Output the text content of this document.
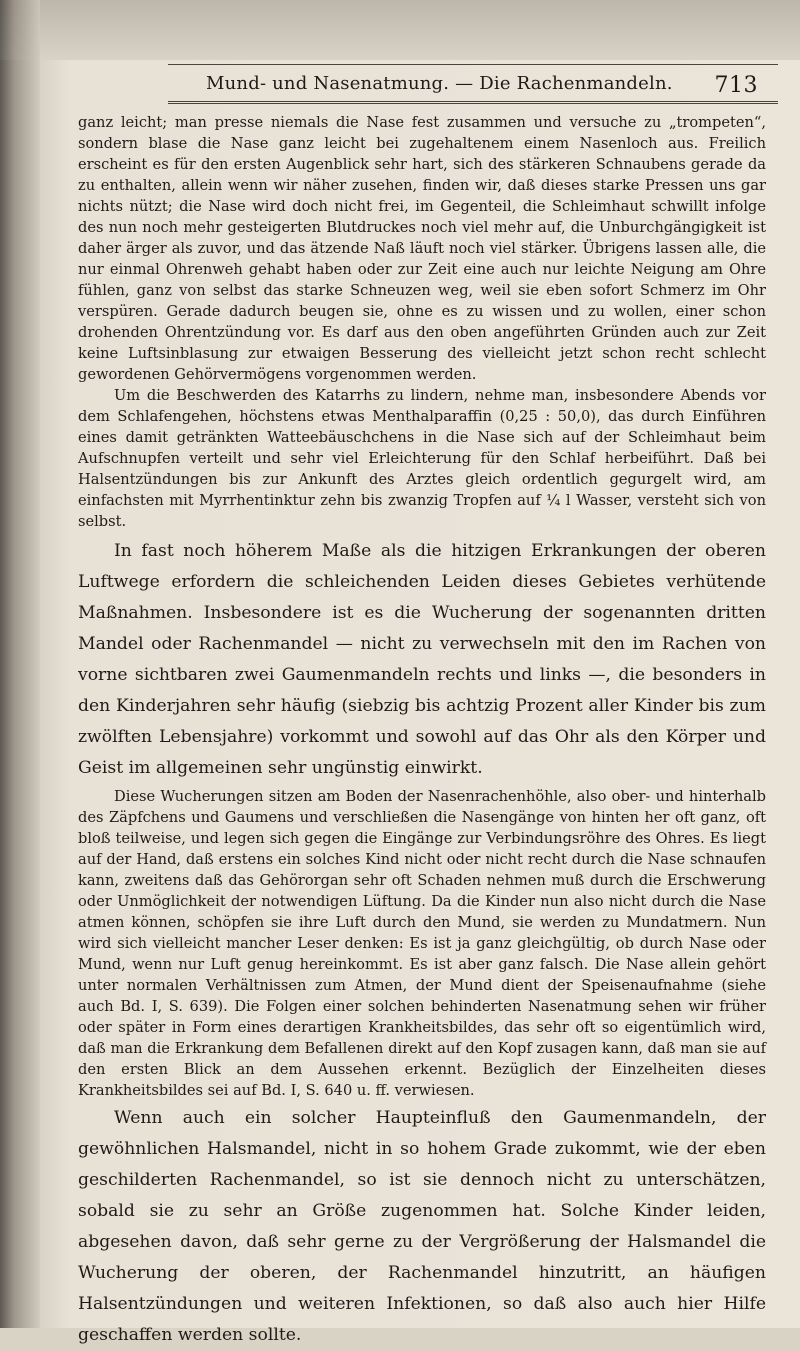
Mund- und Nasenatmung. — Die Rachenmandeln. 713

ganz leicht; man presse niemals die Nase fest zusammen und versuche zu „trompeten“, sondern blase die Nase ganz leicht bei zugehaltenem einem Nasenloch aus. Freilich erscheint es für den ersten Augenblick sehr hart, sich des stärkeren Schnaubens gerade da zu enthalten, allein wenn wir näher zusehen, finden wir, daß dieses starke Pressen uns gar nichts nützt; die Nase wird doch nicht frei, im Gegenteil, die Schleimhaut schwillt infolge des nun noch mehr gesteigerten Blutdruckes noch viel mehr auf, die Unburchgängigkeit ist daher ärger als zuvor, und das ätzende Naß läuft noch viel stärker. Übrigens lassen alle, die nur einmal Ohrenweh gehabt haben oder zur Zeit eine auch nur leichte Neigung am Ohre fühlen, ganz von selbst das starke Schneuzen weg, weil sie eben sofort Schmerz im Ohr verspüren. Gerade dadurch beugen sie, ohne es zu wissen und zu wollen, einer schon drohenden Ohrentzündung vor. Es darf aus den oben angeführten Gründen auch zur Zeit keine Luftsinblasung zur etwaigen Besserung des vielleicht jetzt schon recht schlecht gewordenen Gehörvermögens vorgenommen werden.

Um die Beschwerden des Katarrhs zu lindern, nehme man, insbesondere Abends vor dem Schlafengehen, höchstens etwas Menthalparaffin (0,25 : 50,0), das durch Einführen eines damit getränkten Watteebäuschchens in die Nase sich auf der Schleimhaut beim Aufschnupfen verteilt und sehr viel Erleichterung für den Schlaf herbeiführt. Daß bei Halsentzündungen bis zur Ankunft des Arztes gleich ordentlich gegurgelt wird, am einfachsten mit Myrrhentinktur zehn bis zwanzig Tropfen auf ¼ l Wasser, versteht sich von selbst.

In fast noch höherem Maße als die hitzigen Erkrankungen der oberen Luftwege erfordern die schleichenden Leiden dieses Gebietes verhütende Maßnahmen. Insbesondere ist es die Wucherung der sogenannten dritten Mandel oder Rachenmandel — nicht zu verwechseln mit den im Rachen von vorne sichtbaren zwei Gaumenmandeln rechts und links —, die besonders in den Kinderjahren sehr häufig (siebzig bis achtzig Prozent aller Kinder bis zum zwölften Lebensjahre) vorkommt und sowohl auf das Ohr als den Körper und Geist im allgemeinen sehr ungünstig einwirkt.

Diese Wucherungen sitzen am Boden der Nasenrachenhöhle, also ober- und hinterhalb des Zäpfchens und Gaumens und verschließen die Nasengänge von hinten her oft ganz, oft bloß teilweise, und legen sich gegen die Eingänge zur Verbindungsröhre des Ohres. Es liegt auf der Hand, daß erstens ein solches Kind nicht oder nicht recht durch die Nase schnaufen kann, zweitens daß das Gehörorgan sehr oft Schaden nehmen muß durch die Erschwerung oder Unmöglichkeit der notwendigen Lüftung. Da die Kinder nun also nicht durch die Nase atmen können, schöpfen sie ihre Luft durch den Mund, sie werden zu Mundatmern. Nun wird sich vielleicht mancher Leser denken: Es ist ja ganz gleichgültig, ob durch Nase oder Mund, wenn nur Luft genug hereinkommt. Es ist aber ganz falsch. Die Nase allein gehört unter normalen Verhältnissen zum Atmen, der Mund dient der Speisenaufnahme (siehe auch Bd. I, S. 639). Die Folgen einer solchen behinderten Nasenatmung sehen wir früher oder später in Form eines derartigen Krankheitsbildes, das sehr oft so eigentümlich wird, daß man die Erkrankung dem Befallenen direkt auf den Kopf zusagen kann, daß man sie auf den ersten Blick an dem Aussehen erkennt. Bezüglich der Einzelheiten dieses Krankheitsbildes sei auf Bd. I, S. 640 u. ff. verwiesen.

Wenn auch ein solcher Haupteinfluß den Gaumenmandeln, der gewöhnlichen Halsmandel, nicht in so hohem Grade zukommt, wie der eben geschilderten Rachenmandel, so ist sie dennoch nicht zu unterschätzen, sobald sie zu sehr an Größe zugenommen hat. Solche Kinder leiden, abgesehen davon, daß sehr gerne zu der Vergrößerung der Halsmandel die Wucherung der oberen, der Rachenmandel hinzutritt, an häufigen Halsentzündungen und weiteren Infektionen, so daß also auch hier Hilfe geschaffen werden sollte.
